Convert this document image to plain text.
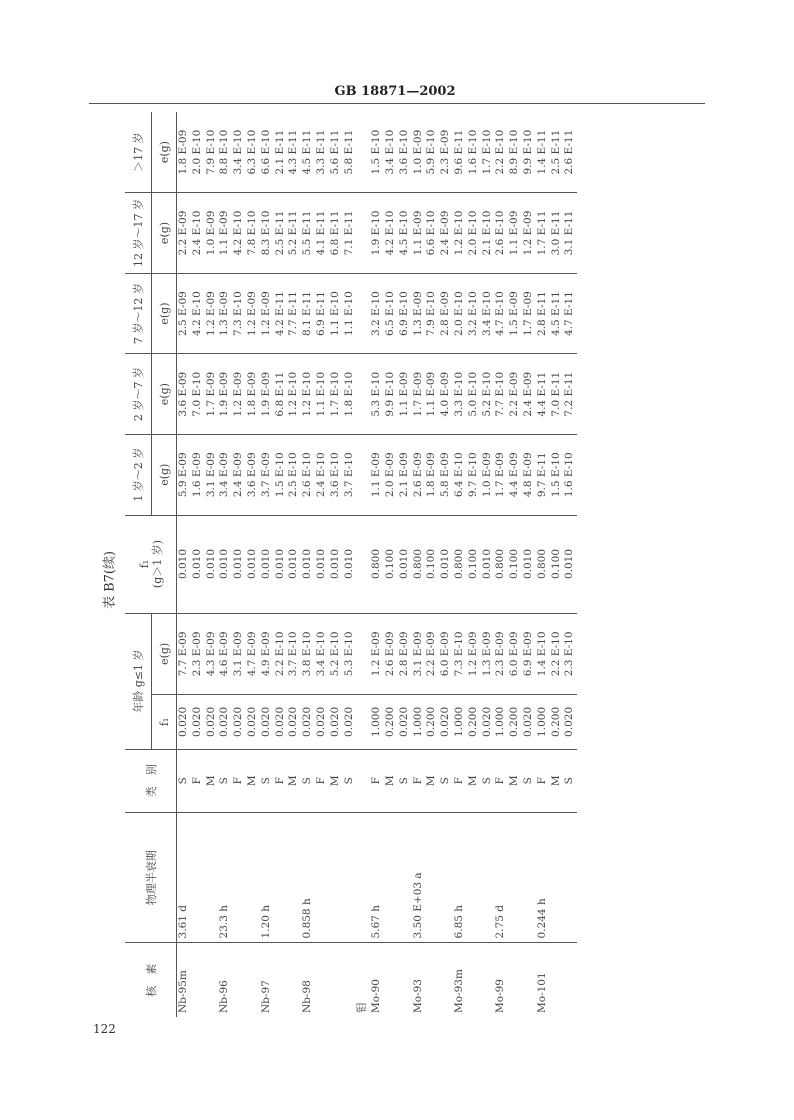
GB 18871—2002
表 B7(续)
122
核　素	物理半衰期	类　别	年龄 g≤1 岁		f₁ (g＞1 岁)	1 岁～2 岁	2 岁～7 岁	7 岁～12 岁	12 岁～17 岁	＞17 岁
			f₁	e(g)		e(g)	e(g)	e(g)	e(g)	e(g)
Nb-95m	3.61 d	S	0.020	7.7 E-09	0.010	5.9 E-09	3.6 E-09	2.5 E-09	2.2 E-09	1.8 E-09
		F	0.020	2.3 E-09	0.010	1.6 E-09	7.0 E-10	4.2 E-10	2.4 E-10	2.0 E-10
		M	0.020	4.3 E-09	0.010	3.1 E-09	1.7 E-09	1.2 E-09	1.0 E-09	7.9 E-10
Nb-96	23.3 h	S	0.020	4.6 E-09	0.010	3.4 E-09	1.9 E-09	1.3 E-09	1.1 E-09	8.8 E-10
		F	0.020	3.1 E-09	0.010	2.4 E-09	1.2 E-09	7.3 E-10	4.2 E-10	3.4 E-10
		M	0.020	4.7 E-09	0.010	3.6 E-09	1.8 E-09	1.2 E-09	7.8 E-10	6.3 E-10
Nb-97	1.20 h	S	0.020	4.9 E-09	0.010	3.7 E-09	1.9 E-09	1.2 E-09	8.3 E-10	6.6 E-10
		F	0.020	2.2 E-10	0.010	1.5 E-10	6.8 E-11	4.2 E-11	2.5 E-11	2.1 E-11
		M	0.020	3.7 E-10	0.010	2.5 E-10	1.2 E-10	7.7 E-11	5.2 E-11	4.3 E-11
Nb-98	0.858 h	S	0.020	3.8 E-10	0.010	2.6 E-10	1.2 E-10	8.1 E-11	5.5 E-11	4.5 E-11
		F	0.020	3.4 E-10	0.010	2.4 E-10	1.1 E-10	6.9 E-11	4.1 E-11	3.3 E-11
		M	0.020	5.2 E-10	0.010	3.6 E-10	1.7 E-10	1.1 E-10	6.8 E-11	5.6 E-11
		S	0.020	5.3 E-10	0.010	3.7 E-10	1.8 E-10	1.1 E-10	7.1 E-11	5.8 E-11
钼										
Mo-90	5.67 h	F	1.000	1.2 E-09	0.800	1.1 E-09	5.3 E-10	3.2 E-10	1.9 E-10	1.5 E-10
		M	0.200	2.6 E-09	0.100	2.0 E-09	9.9 E-10	6.5 E-10	4.2 E-10	3.4 E-10
		S	0.020	2.8 E-09	0.010	2.1 E-09	1.1 E-09	6.9 E-10	4.5 E-10	3.6 E-10
Mo-93	3.50 E+03 a	F	1.000	3.1 E-09	0.800	2.6 E-09	1.7 E-09	1.3 E-09	1.1 E-09	1.0 E-09
		M	0.200	2.2 E-09	0.100	1.8 E-09	1.1 E-09	7.9 E-10	6.6 E-10	5.9 E-10
		S	0.020	6.0 E-09	0.010	5.8 E-09	4.0 E-09	2.8 E-09	2.4 E-09	2.3 E-09
Mo-93m	6.85 h	F	1.000	7.3 E-10	0.800	6.4 E-10	3.3 E-10	2.0 E-10	1.2 E-10	9.6 E-11
		M	0.200	1.2 E-09	0.100	9.7 E-10	5.0 E-10	3.2 E-10	2.0 E-10	1.6 E-10
		S	0.020	1.3 E-09	0.010	1.0 E-09	5.2 E-10	3.4 E-10	2.1 E-10	1.7 E-10
Mo-99	2.75 d	F	1.000	2.3 E-09	0.800	1.7 E-09	7.7 E-10	4.7 E-10	2.6 E-10	2.2 E-10
		M	0.200	6.0 E-09	0.100	4.4 E-09	2.2 E-09	1.5 E-09	1.1 E-09	8.9 E-10
		S	0.020	6.9 E-09	0.010	4.8 E-09	2.4 E-09	1.7 E-09	1.2 E-09	9.9 E-10
Mo-101	0.244 h	F	1.000	1.4 E-10	0.800	9.7 E-11	4.4 E-11	2.8 E-11	1.7 E-11	1.4 E-11
		M	0.200	2.2 E-10	0.100	1.5 E-10	7.0 E-11	4.5 E-11	3.0 E-11	2.5 E-11
		S	0.020	2.3 E-10	0.010	1.6 E-10	7.2 E-11	4.7 E-11	3.1 E-11	2.6 E-11
